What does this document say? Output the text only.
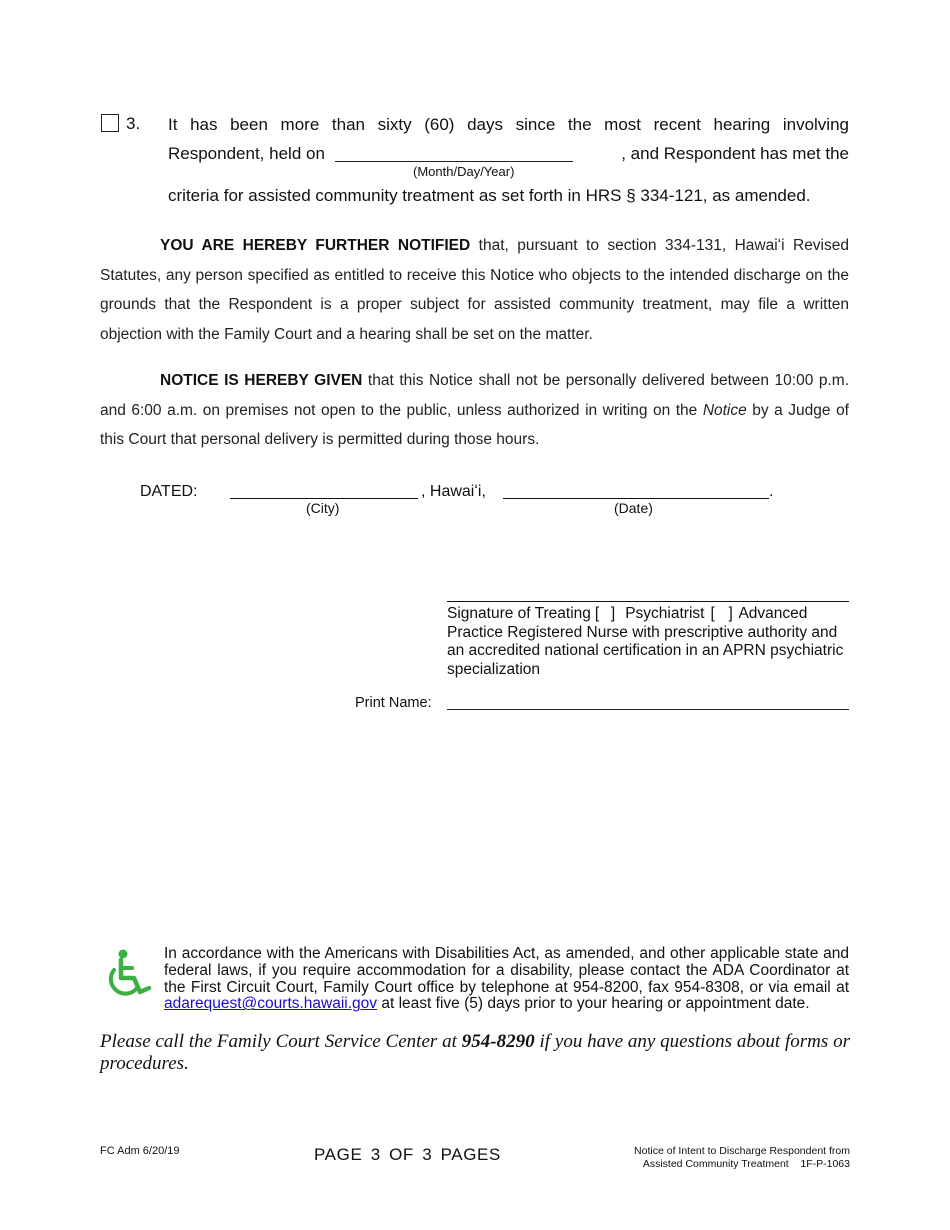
3. It has been more than sixty (60) days since the most recent hearing involving
Respondent, held on	, and Respondent has met the
(Month/Day/Year)
criteria for assisted community treatment as set forth in HRS § 334-121, as amended.
YOU ARE HEREBY FURTHER NOTIFIED that, pursuant to section 334-131, Hawaiʻi Revised Statutes, any person specified as entitled to receive this Notice who objects to the intended discharge on the grounds that the Respondent is a proper subject for assisted community treatment, may file a written objection with the Family Court and a hearing shall be set on the matter.
NOTICE IS HEREBY GIVEN that this Notice shall not be personally delivered between 10:00 p.m. and 6:00 a.m. on premises not open to the public, unless authorized in writing on the Notice by a Judge of this Court that personal delivery is permitted during those hours.
DATED:	, Hawaiʻi,	.
(City)	(Date)
Signature of Treating [ ] Psychiatrist [ ] Advanced Practice Registered Nurse with prescriptive authority and an accredited national certification in an APRN psychiatric specialization
Print Name:
In accordance with the Americans with Disabilities Act, as amended, and other applicable state and federal laws, if you require accommodation for a disability, please contact the ADA Coordinator at the First Circuit Court, Family Court office by telephone at 954-8200, fax 954-8308, or via email at adarequest@courts.hawaii.gov at least five (5) days prior to your hearing or appointment date.
Please call the Family Court Service Center at 954-8290 if you have any questions about forms or procedures.
FC Adm 6/20/19	PAGE 3 OF 3 PAGES	Notice of Intent to Discharge Respondent from
Assisted Community Treatment    1F-P-1063
